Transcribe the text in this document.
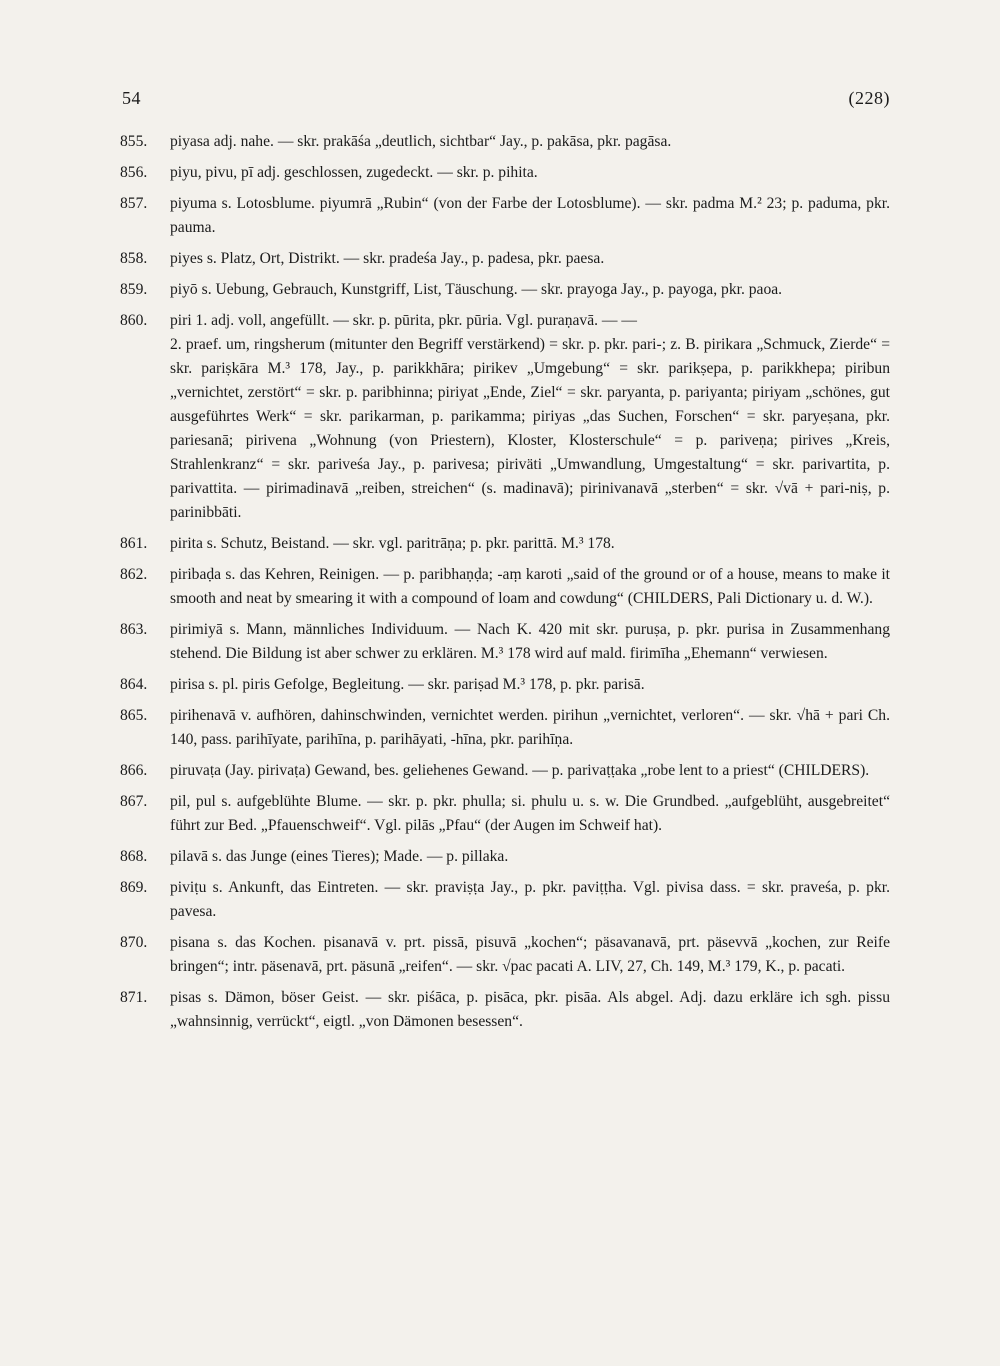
54	(228)
855.	piyasa adj. nahe. — skr. prakāśa „deutlich, sichtbar“ Jay., p. pakāsa, pkr. pagāsa.
856.	piyu, pivu, pī adj. geschlossen, zugedeckt. — skr. p. pihita.
857.	piyuma s. Lotosblume. piyumrā „Rubin“ (von der Farbe der Lotosblume). — skr. padma M.² 23; p. paduma, pkr. pauma.
858.	piyes s. Platz, Ort, Distrikt. — skr. pradeśa Jay., p. padesa, pkr. paesa.
859.	piyō s. Uebung, Gebrauch, Kunstgriff, List, Täuschung. — skr. prayoga Jay., p. payoga, pkr. paoa.
860.	piri 1. adj. voll, angefüllt. — skr. p. pūrita, pkr. pūria. Vgl. puraṇavā. — —
2. praef. um, ringsherum (mitunter den Begriff verstärkend) = skr. p. pkr. pari-; z. B. pirikara „Schmuck, Zierde“ = skr. pariṣkāra M.³ 178, Jay., p. parikkhāra; pirikev „Umgebung“ = skr. parikṣepa, p. parikkhepa; piribun „vernichtet, zerstört“ = skr. p. paribhinna; piriyat „Ende, Ziel“ = skr. paryanta, p. pariyanta; piriyam „schönes, gut ausgeführtes Werk“ = skr. parikarman, p. parikamma; piriyas „das Suchen, Forschen“ = skr. paryeṣana, pkr. pariesanā; pirivena „Wohnung (von Priestern), Kloster, Klosterschule“ = p. pariveṇa; pirives „Kreis, Strahlenkranz“ = skr. pariveśa Jay., p. parivesa; piriväti „Umwandlung, Umgestaltung“ = skr. parivartita, p. parivattita. — pirimadinavā „reiben, streichen“ (s. madinavā); pirinivanavā „sterben“ = skr. √vā + pari-niṣ, p. parinibbāti.
861.	pirita s. Schutz, Beistand. — skr. vgl. paritrāṇa; p. pkr. parittā. M.³ 178.
862.	piribaḍa s. das Kehren, Reinigen. — p. paribhaṇḍa; -aṃ karoti „said of the ground or of a house, means to make it smooth and neat by smearing it with a compound of loam and cowdung“ (CHILDERS, Pali Dictionary u. d. W.).
863.	pirimiyā s. Mann, männliches Individuum. — Nach K. 420 mit skr. puruṣa, p. pkr. purisa in Zusammenhang stehend. Die Bildung ist aber schwer zu erklären. M.³ 178 wird auf mald. firimīha „Ehemann“ verwiesen.
864.	pirisa s. pl. piris Gefolge, Begleitung. — skr. pariṣad M.³ 178, p. pkr. parisā.
865.	pirihenavā v. aufhören, dahinschwinden, vernichtet werden. pirihun „vernichtet, verloren“. — skr. √hā + pari Ch. 140, pass. parihīyate, parihīna, p. parihāyati, -hīna, pkr. parihīṇa.
866.	piruvaṭa (Jay. pirivaṭa) Gewand, bes. geliehenes Gewand. — p. parivaṭṭaka „robe lent to a priest“ (CHILDERS).
867.	pil, pul s. aufgeblühte Blume. — skr. p. pkr. phulla; si. phulu u. s. w. Die Grundbed. „aufgeblüht, ausgebreitet“ führt zur Bed. „Pfauenschweif“. Vgl. pilās „Pfau“ (der Augen im Schweif hat).
868.	pilavā s. das Junge (eines Tieres); Made. — p. pillaka.
869.	piviṭu s. Ankunft, das Eintreten. — skr. praviṣṭa Jay., p. pkr. paviṭṭha. Vgl. pivisa dass. = skr. praveśa, p. pkr. pavesa.
870.	pisana s. das Kochen. pisanavā v. prt. pissā, pisuvā „kochen“; päsavanavā, prt. päsevvā „kochen, zur Reife bringen“; intr. päsenavā, prt. päsunā „reifen“. — skr. √pac pacati A. LIV, 27, Ch. 149, M.³ 179, K., p. pacati.
871.	pisas s. Dämon, böser Geist. — skr. piśāca, p. pisāca, pkr. pisāa. Als abgel. Adj. dazu erkläre ich sgh. pissu „wahnsinnig, verrückt“, eigtl. „von Dämonen besessen“.
